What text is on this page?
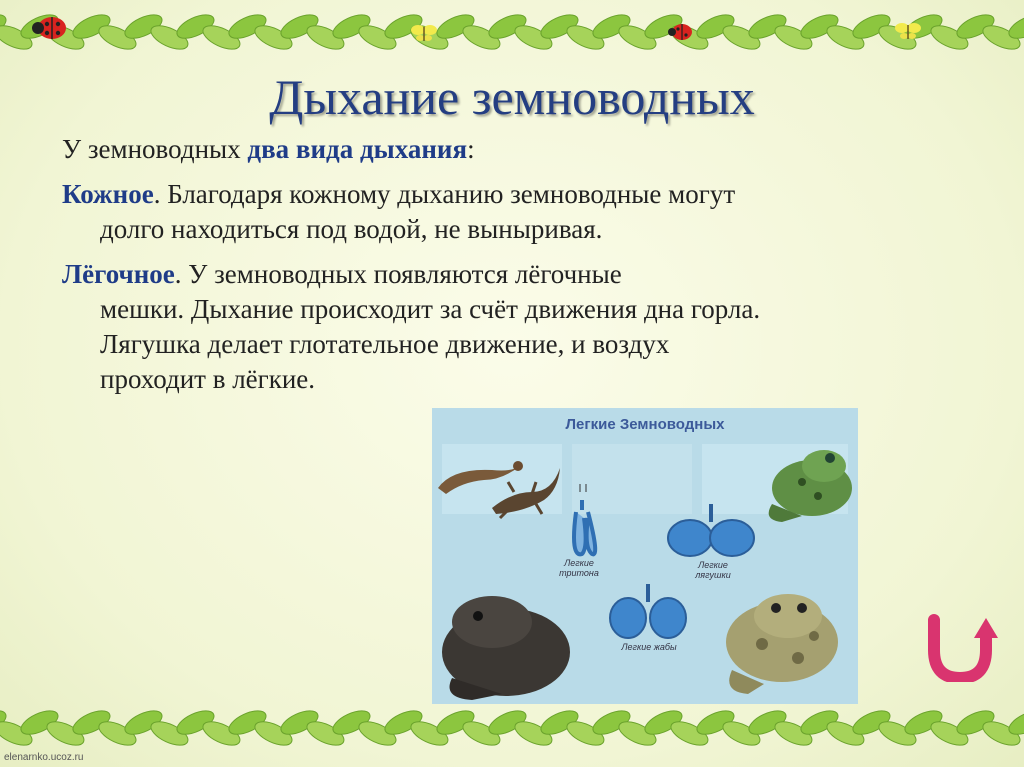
Дыхание земноводных

У земноводных два вида дыхания:

Кожное. Благодаря кожному дыханию земноводные могут
долго находиться под водой, не выныривая.

Лёгочное. У земноводных появляются лёгочные
мешки. Дыхание происходит за счёт движения дна горла.
Лягушка делает глотательное движение, и воздух
проходит в лёгкие.

Легкие Земноводных
Легкие
тритона
Легкие
лягушки
Легкие жабы
elenarnko.ucoz.ru
